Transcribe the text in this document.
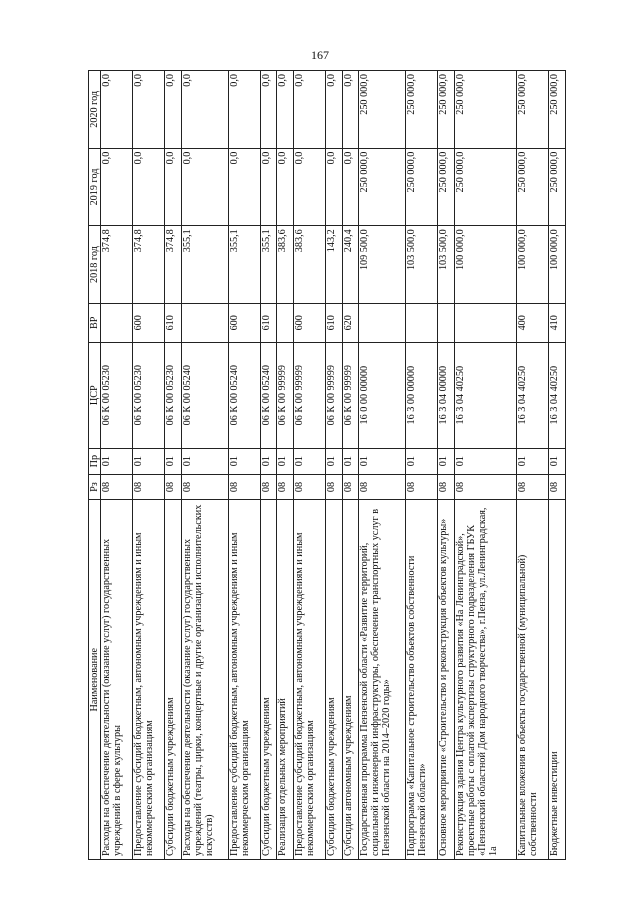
167
Наименование	Рз	Пр	ЦСР	ВР	2018 год	2019 год	2020 год
Расходы на обеспечение деятельности (оказание услуг) государственных учреждений в сфере культуры	08	01	06 К 00 05230		374,8	0,0	0,0
Предоставление субсидий бюджетным, автономным учреждениям и иным некоммерческим организациям	08	01	06 К 00 05230	600	374,8	0,0	0,0
Субсидии бюджетным учреждениям	08	01	06 К 00 05230	610	374,8	0,0	0,0
Расходы на обеспечение деятельности (оказание услуг) государственных учреждений (театры, цирки, концертные и другие организации исполнительских искусств)	08	01	06 К 00 05240		355,1	0,0	0,0
Предоставление субсидий бюджетным, автономным учреждениям и иным некоммерческим организациям	08	01	06 К 00 05240	600	355,1	0,0	0,0
Субсидии бюджетным учреждениям	08	01	06 К 00 05240	610	355,1	0,0	0,0
Реализация отдельных мероприятий	08	01	06 К 00 99999		383,6	0,0	0,0
Предоставление субсидий бюджетным, автономным учреждениям и иным некоммерческим организациям	08	01	06 К 00 99999	600	383,6	0,0	0,0
Субсидии бюджетным учреждениям	08	01	06 К 00 99999	610	143,2	0,0	0,0
Субсидии автономным учреждениям	08	01	06 К 00 99999	620	240,4	0,0	0,0
Государственная программа Пензенской области «Развитие территорий, социальной и инженерной инфраструктуры, обеспечение транспортных услуг в Пензенской области на 2014–2020 годы»	08	01	16 0 00 00000		109 500,0	250 000,0	250 000,0
Подпрограмма «Капитальное строительство объектов собственности Пензенской области»	08	01	16 3 00 00000		103 500,0	250 000,0	250 000,0
Основное мероприятие «Строительство и реконструкция объектов культуры»	08	01	16 3 04 00000		103 500,0	250 000,0	250 000,0
Реконструкция здания Центра культурного развития «На Ленинградской», проектные работы с оплатой экспертизы структурного подразделения ГБУК «Пензенский областной Дом народного творчества», г.Пенза, ул.Ленинградская, 1а	08	01	16 3 04 40250		100 000,0	250 000,0	250 000,0
Капитальные вложения в объекты государственной (муниципальной) собственности	08	01	16 3 04 40250	400	100 000,0	250 000,0	250 000,0
Бюджетные инвестиции	08	01	16 3 04 40250	410	100 000,0	250 000,0	250 000,0
